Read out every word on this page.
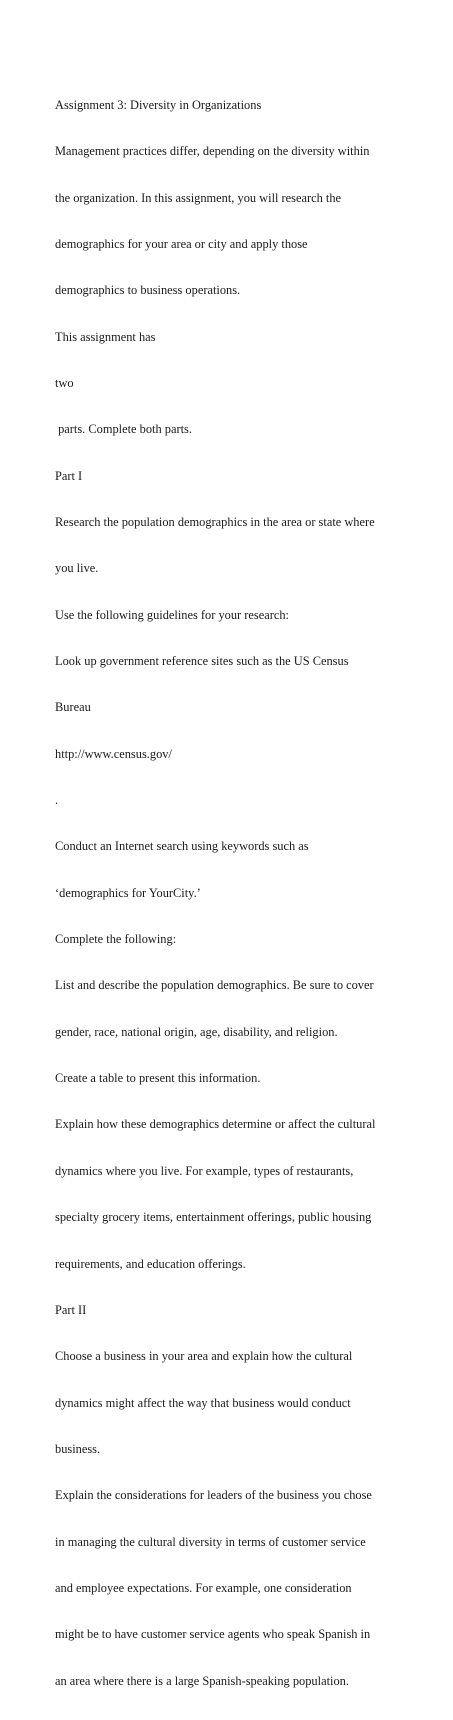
Assignment 3: Diversity in Organizations

Management practices differ, depending on the diversity within

the organization. In this assignment, you will research the

demographics for your area or city and apply those

demographics to business operations.

This assignment has

two

parts. Complete both parts.

Part I

Research the population demographics in the area or state where

you live.

Use the following guidelines for your research:

Look up government reference sites such as the US Census

Bureau

http://www.census.gov/

.

Conduct an Internet search using keywords such as

‘demographics for YourCity.’

Complete the following:

List and describe the population demographics. Be sure to cover

gender, race, national origin, age, disability, and religion.

Create a table to present this information.

Explain how these demographics determine or affect the cultural

dynamics where you live. For example, types of restaurants,

specialty grocery items, entertainment offerings, public housing

requirements, and education offerings.

Part II

Choose a business in your area and explain how the cultural

dynamics might affect the way that business would conduct

business.

Explain the considerations for leaders of the business you chose

in managing the cultural diversity in terms of customer service

and employee expectations. For example, one consideration

might be to have customer service agents who speak Spanish in

an area where there is a large Spanish-speaking population.
